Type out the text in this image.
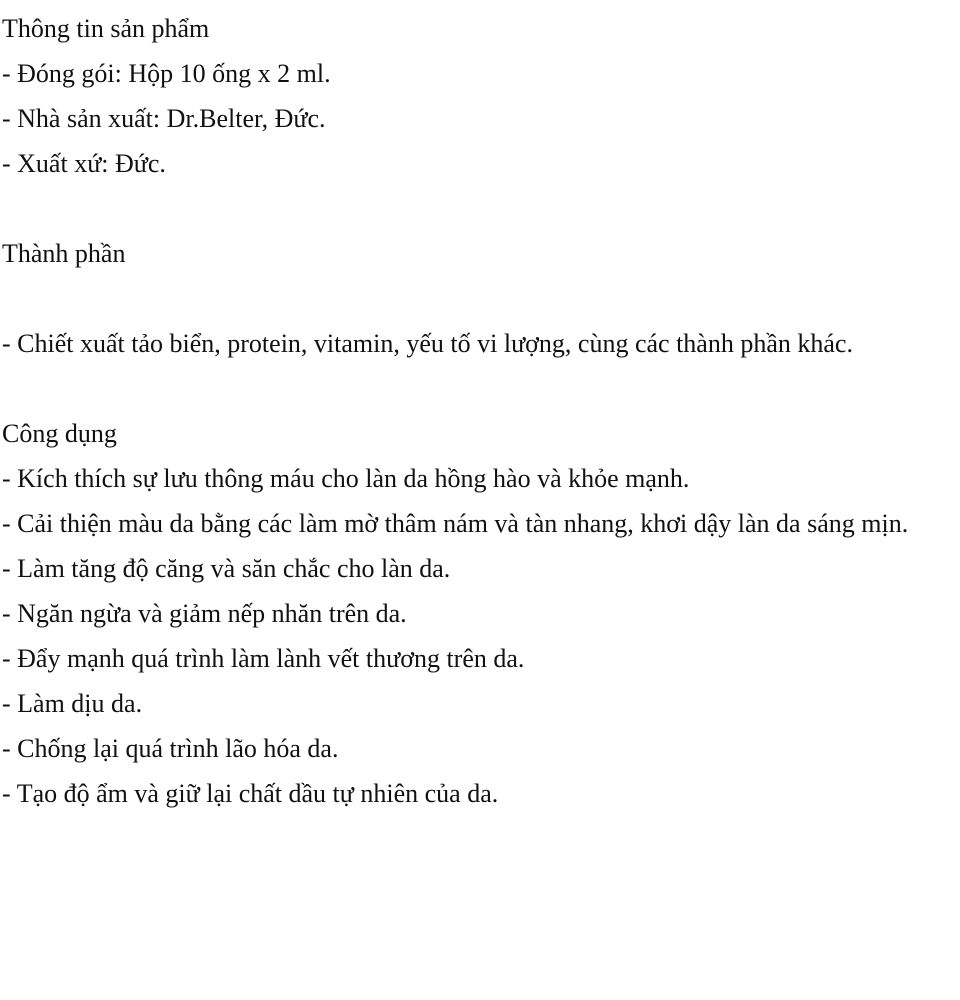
Thông tin sản phẩm
- Đóng gói: Hộp 10 ống x 2 ml.
- Nhà sản xuất: Dr.Belter, Đức.
- Xuất xứ: Đức.
Thành phần
- Chiết xuất tảo biển, protein, vitamin, yếu tố vi lượng, cùng các thành phần khác.
Công dụng
- Kích thích sự lưu thông máu cho làn da hồng hào và khỏe mạnh.
- Cải thiện màu da bằng các làm mờ thâm nám và tàn nhang, khơi dậy làn da sáng mịn.
- Làm tăng độ căng và săn chắc cho làn da.
- Ngăn ngừa và giảm nếp nhăn trên da.
- Đẩy mạnh quá trình làm lành vết thương trên da.
- Làm dịu da.
- Chống lại quá trình lão hóa da.
- Tạo độ ẩm và giữ lại chất dầu tự nhiên của da.
